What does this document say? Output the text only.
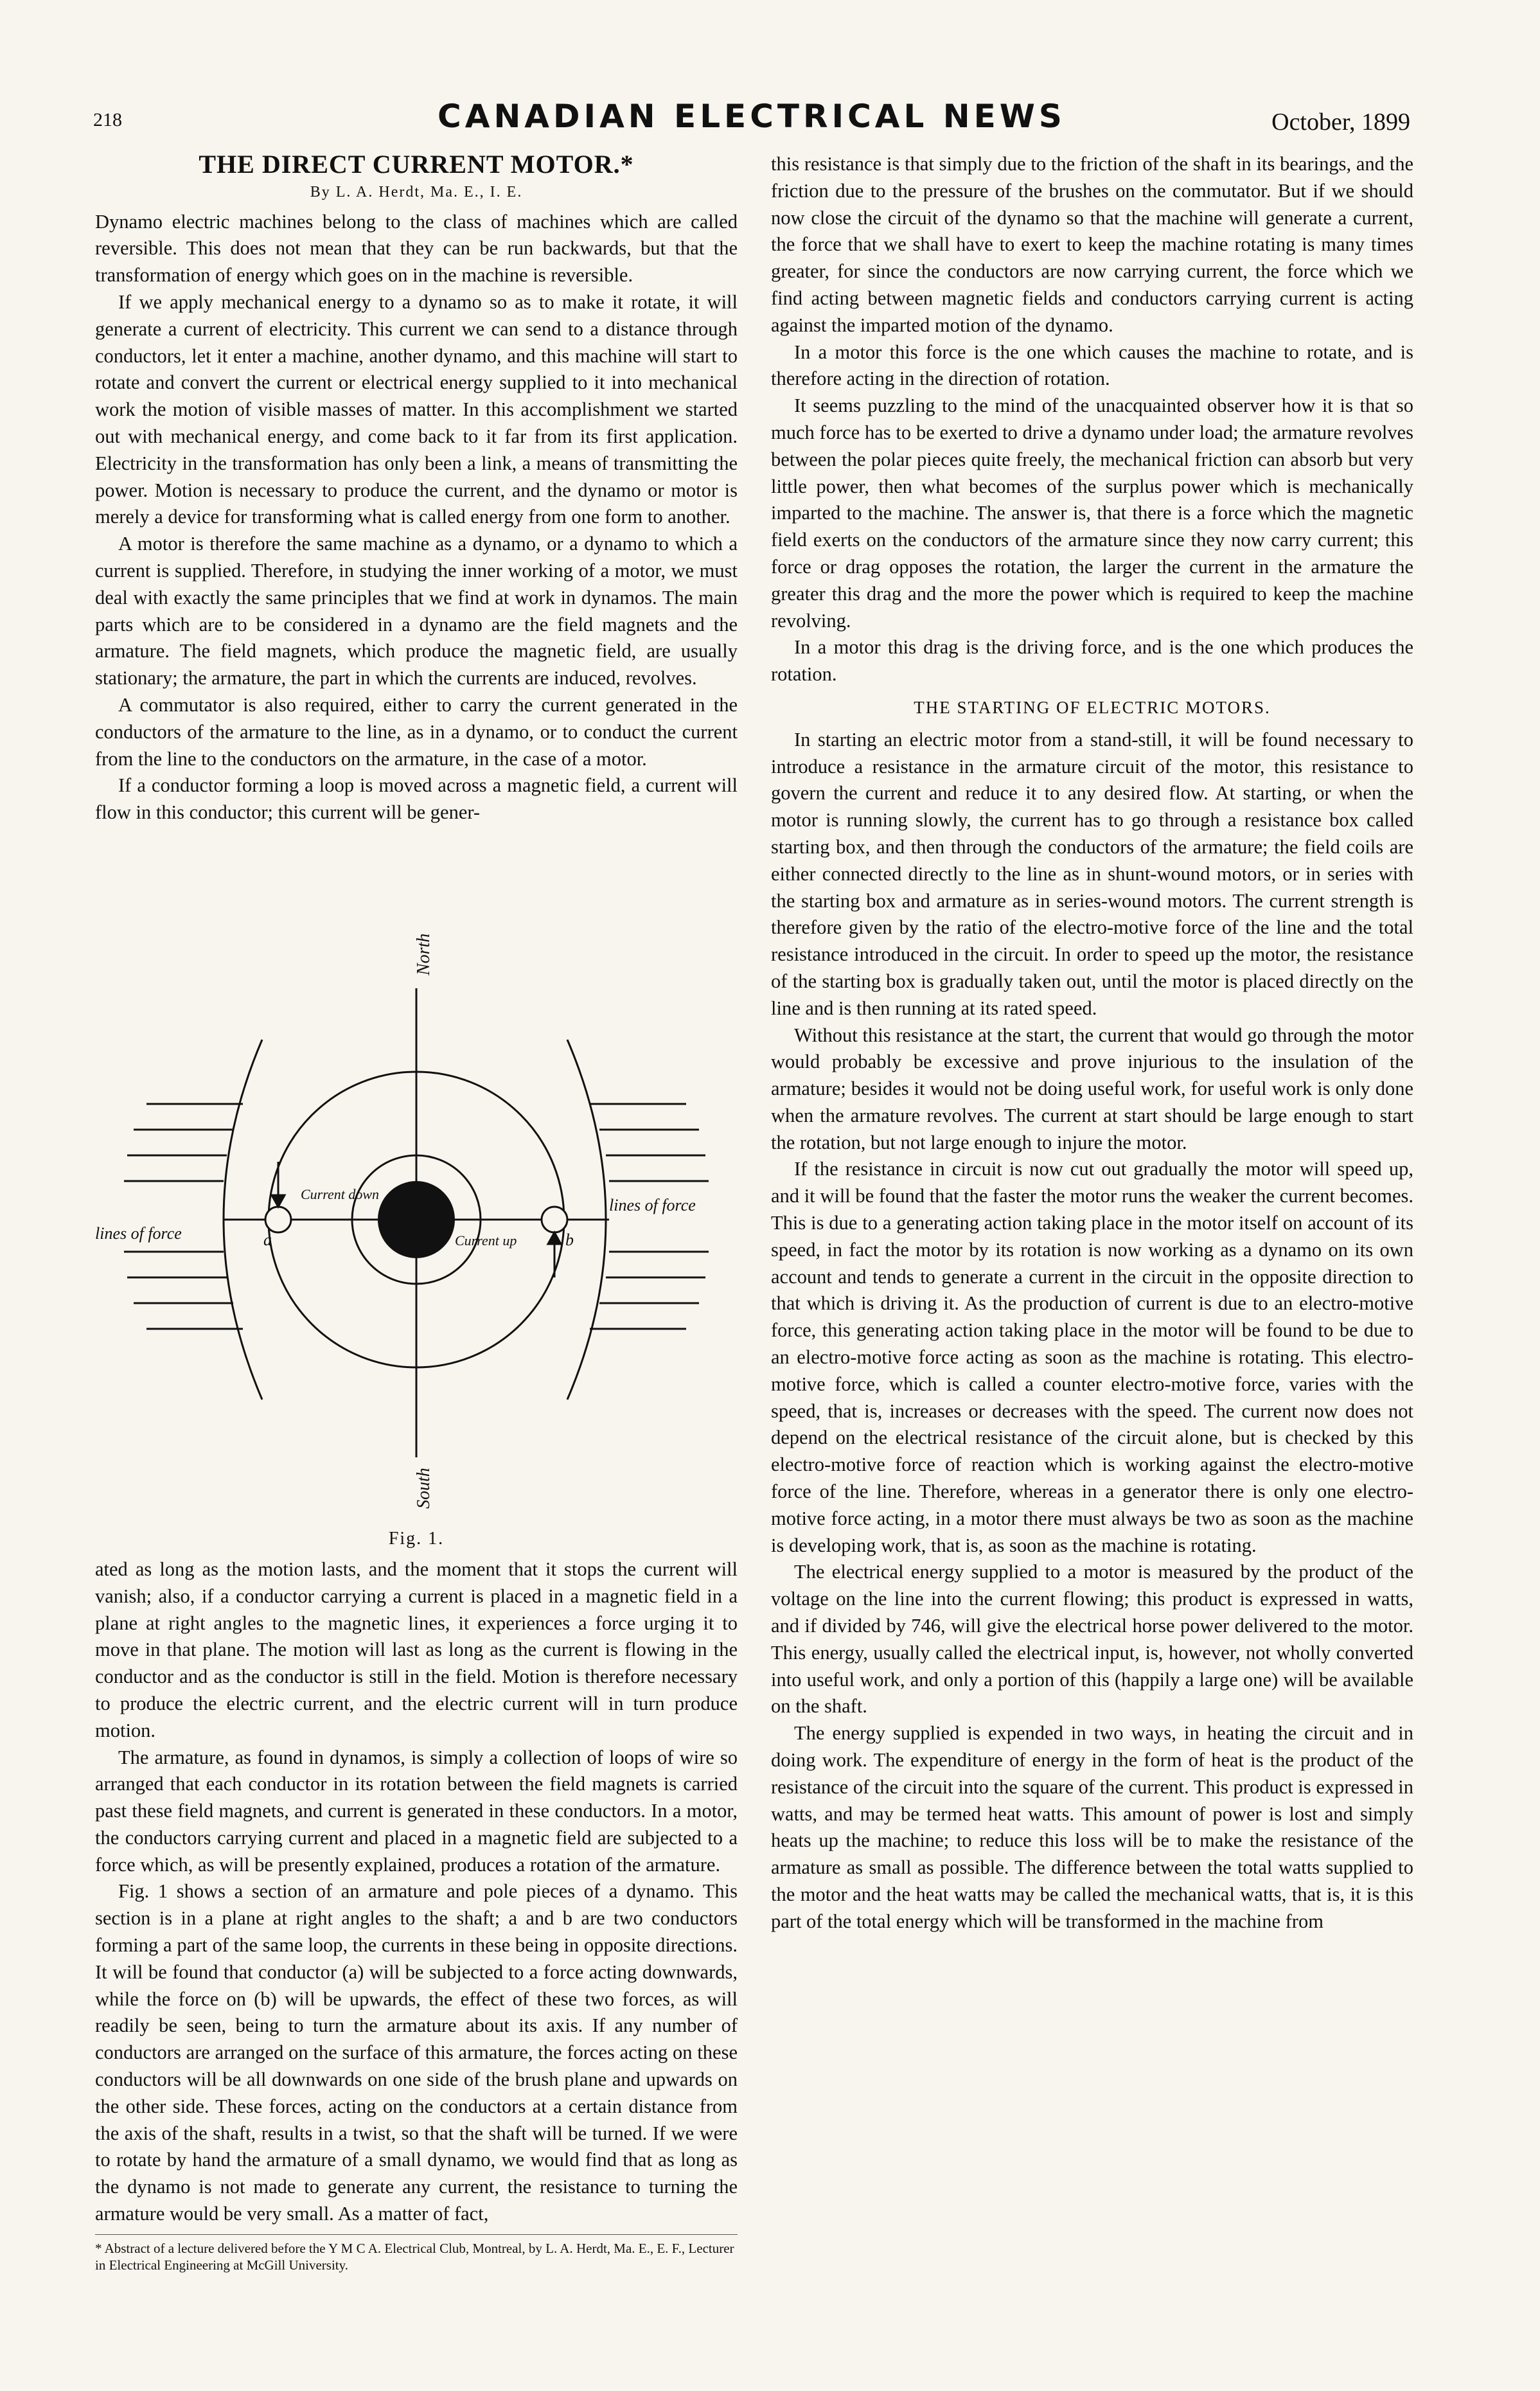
218	CANADIAN ELECTRICAL NEWS	October, 1899
THE DIRECT CURRENT MOTOR.*
By L. A. Herdt, Ma. E., I. E.

Dynamo electric machines belong to the class of machines which are called reversible. This does not mean that they can be run backwards, but that the transformation of energy which goes on in the machine is reversible.

If we apply mechanical energy to a dynamo so as to make it rotate, it will generate a current of electricity. This current we can send to a distance through conductors, let it enter a machine, another dynamo, and this machine will start to rotate and convert the current or electrical energy supplied to it into mechanical work the motion of visible masses of matter. In this accomplishment we started out with mechanical energy, and come back to it far from its first application. Electricity in the transformation has only been a link, a means of transmitting the power. Motion is necessary to produce the current, and the dynamo or motor is merely a device for transforming what is called energy from one form to another.

A motor is therefore the same machine as a dynamo, or a dynamo to which a current is supplied. Therefore, in studying the inner working of a motor, we must deal with exactly the same principles that we find at work in dynamos. The main parts which are to be considered in a dynamo are the field magnets and the armature. The field magnets, which produce the magnetic field, are usually stationary; the armature, the part in which the currents are induced, revolves.

A commutator is also required, either to carry the current generated in the conductors of the armature to the line, as in a dynamo, or to conduct the current from the line to the conductors on the armature, in the case of a motor.

If a conductor forming a loop is moved across a magnetic field, a current will flow in this conductor; this current will be gener-

North
South
lines of force
lines of force
Current down
Current up
a	b
Fig. 1.

ated as long as the motion lasts, and the moment that it stops the current will vanish; also, if a conductor carrying a current is placed in a magnetic field in a plane at right angles to the magnetic lines, it experiences a force urging it to move in that plane. The motion will last as long as the current is flowing in the conductor and as the conductor is still in the field. Motion is therefore necessary to produce the electric current, and the electric current will in turn produce motion.

The armature, as found in dynamos, is simply a collection of loops of wire so arranged that each conductor in its rotation between the field magnets is carried past these field magnets, and current is generated in these conductors. In a motor, the conductors carrying current and placed in a magnetic field are subjected to a force which, as will be presently explained, produces a rotation of the armature.

Fig. 1 shows a section of an armature and pole pieces of a dynamo. This section is in a plane at right angles to the shaft; a and b are two conductors forming a part of the same loop, the currents in these being in opposite directions. It will be found that conductor (a) will be subjected to a force acting downwards, while the force on (b) will be upwards, the effect of these two forces, as will readily be seen, being to turn the armature about its axis. If any number of conductors are arranged on the surface of this armature, the forces acting on these conductors will be all downwards on one side of the brush plane and upwards on the other side. These forces, acting on the conductors at a certain distance from the axis of the shaft, results in a twist, so that the shaft will be turned. If we were to rotate by hand the armature of a small dynamo, we would find that as long as the dynamo is not made to generate any current, the resistance to turning the armature would be very small. As a matter of fact,

* Abstract of a lecture delivered before the Y M C A. Electrical Club, Montreal, by L. A. Herdt, Ma. E., E. F., Lecturer in Electrical Engineering at McGill University.

this resistance is that simply due to the friction of the shaft in its bearings, and the friction due to the pressure of the brushes on the commutator. But if we should now close the circuit of the dynamo so that the machine will generate a current, the force that we shall have to exert to keep the machine rotating is many times greater, for since the conductors are now carrying current, the force which we find acting between magnetic fields and conductors carrying current is acting against the imparted motion of the dynamo.

In a motor this force is the one which causes the machine to rotate, and is therefore acting in the direction of rotation.

It seems puzzling to the mind of the unacquainted observer how it is that so much force has to be exerted to drive a dynamo under load; the armature revolves between the polar pieces quite freely, the mechanical friction can absorb but very little power, then what becomes of the surplus power which is mechanically imparted to the machine. The answer is, that there is a force which the magnetic field exerts on the conductors of the armature since they now carry current; this force or drag opposes the rotation, the larger the current in the armature the greater this drag and the more the power which is required to keep the machine revolving.

In a motor this drag is the driving force, and is the one which produces the rotation.

THE STARTING OF ELECTRIC MOTORS.

In starting an electric motor from a stand-still, it will be found necessary to introduce a resistance in the armature circuit of the motor, this resistance to govern the current and reduce it to any desired flow. At starting, or when the motor is running slowly, the current has to go through a resistance box called starting box, and then through the conductors of the armature; the field coils are either connected directly to the line as in shunt-wound motors, or in series with the starting box and armature as in series-wound motors. The current strength is therefore given by the ratio of the electro-motive force of the line and the total resistance introduced in the circuit. In order to speed up the motor, the resistance of the starting box is gradually taken out, until the motor is placed directly on the line and is then running at its rated speed.

Without this resistance at the start, the current that would go through the motor would probably be excessive and prove injurious to the insulation of the armature; besides it would not be doing useful work, for useful work is only done when the armature revolves. The current at start should be large enough to start the rotation, but not large enough to injure the motor.

If the resistance in circuit is now cut out gradually the motor will speed up, and it will be found that the faster the motor runs the weaker the current becomes. This is due to a generating action taking place in the motor itself on account of its speed, in fact the motor by its rotation is now working as a dynamo on its own account and tends to generate a current in the circuit in the opposite direction to that which is driving it. As the production of current is due to an electro-motive force, this generating action taking place in the motor will be found to be due to an electro-motive force acting as soon as the machine is rotating. This electro-motive force, which is called a counter electro-motive force, varies with the speed, that is, increases or decreases with the speed. The current now does not depend on the electrical resistance of the circuit alone, but is checked by this electro-motive force of reaction which is working against the electro-motive force of the line. Therefore, whereas in a generator there is only one electro-motive force acting, in a motor there must always be two as soon as the machine is developing work, that is, as soon as the machine is rotating.

The electrical energy supplied to a motor is measured by the product of the voltage on the line into the current flowing; this product is expressed in watts, and if divided by 746, will give the electrical horse power delivered to the motor. This energy, usually called the electrical input, is, however, not wholly converted into useful work, and only a portion of this (happily a large one) will be available on the shaft.

The energy supplied is expended in two ways, in heating the circuit and in doing work. The expenditure of energy in the form of heat is the product of the resistance of the circuit into the square of the current. This product is expressed in watts, and may be termed heat watts. This amount of power is lost and simply heats up the machine; to reduce this loss will be to make the resistance of the armature as small as possible. The difference between the total watts supplied to the motor and the heat watts may be called the mechanical watts, that is, it is this part of the total energy which will be transformed in the machine from
